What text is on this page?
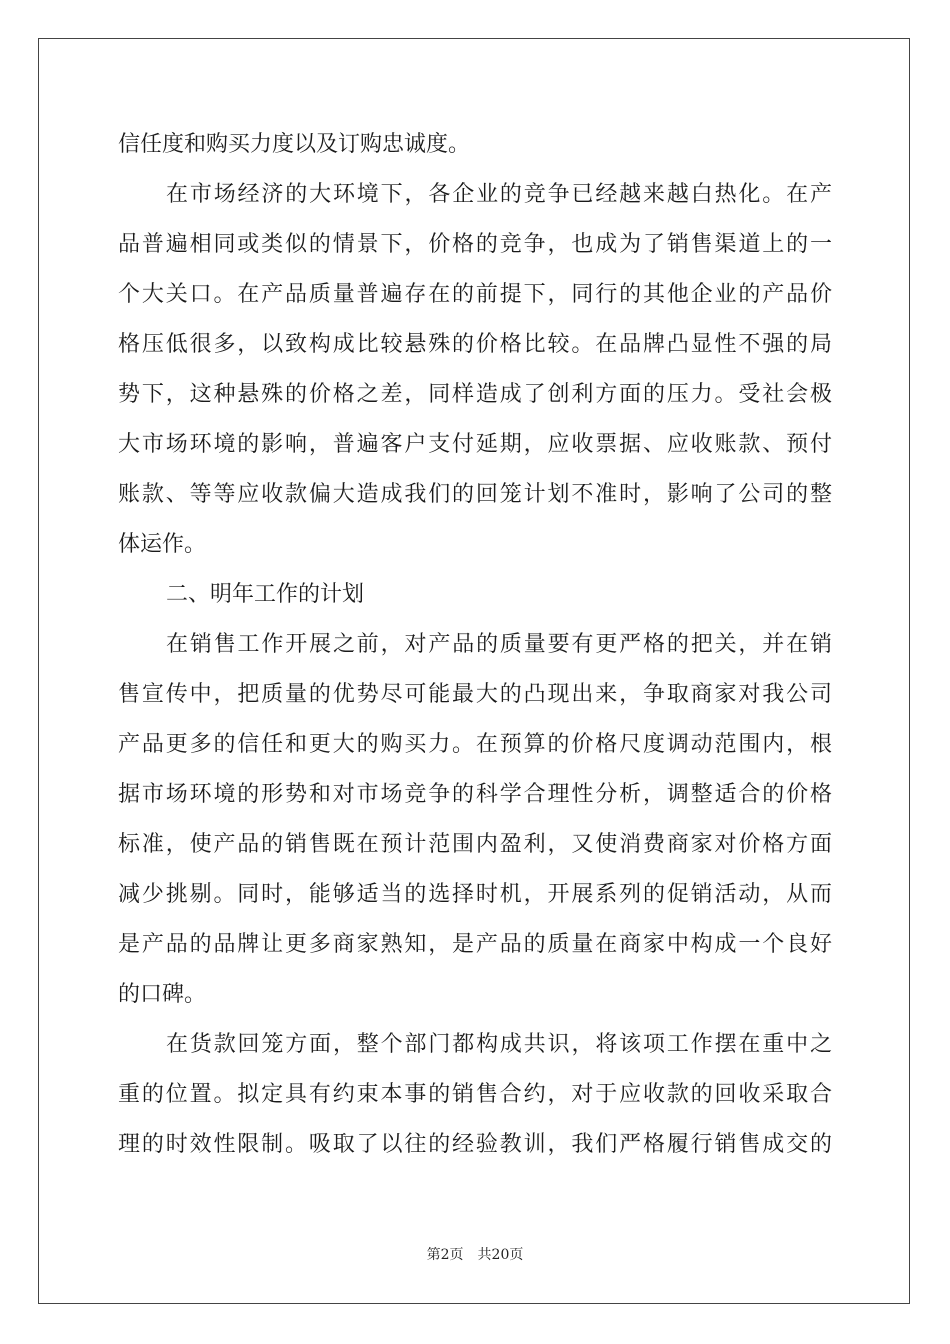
信任度和购买力度以及订购忠诚度。
在市场经济的大环境下，各企业的竞争已经越来越白热化。在产
品普遍相同或类似的情景下，价格的竞争，也成为了销售渠道上的一
个大关口。在产品质量普遍存在的前提下，同行的其他企业的产品价
格压低很多，以致构成比较悬殊的价格比较。在品牌凸显性不强的局
势下，这种悬殊的价格之差，同样造成了创利方面的压力。受社会极
大市场环境的影响，普遍客户支付延期，应收票据、应收账款、预付
账款、等等应收款偏大造成我们的回笼计划不准时，影响了公司的整
体运作。
二、明年工作的计划
在销售工作开展之前，对产品的质量要有更严格的把关，并在销
售宣传中，把质量的优势尽可能最大的凸现出来，争取商家对我公司
产品更多的信任和更大的购买力。在预算的价格尺度调动范围内，根
据市场环境的形势和对市场竞争的科学合理性分析，调整适合的价格
标准，使产品的销售既在预计范围内盈利，又使消费商家对价格方面
减少挑剔。同时，能够适当的选择时机，开展系列的促销活动，从而
是产品的品牌让更多商家熟知，是产品的质量在商家中构成一个良好
的口碑。
在货款回笼方面，整个部门都构成共识，将该项工作摆在重中之
重的位置。拟定具有约束本事的销售合约，对于应收款的回收采取合
理的时效性限制。吸取了以往的经验教训，我们严格履行销售成交的
第2页 共20页
